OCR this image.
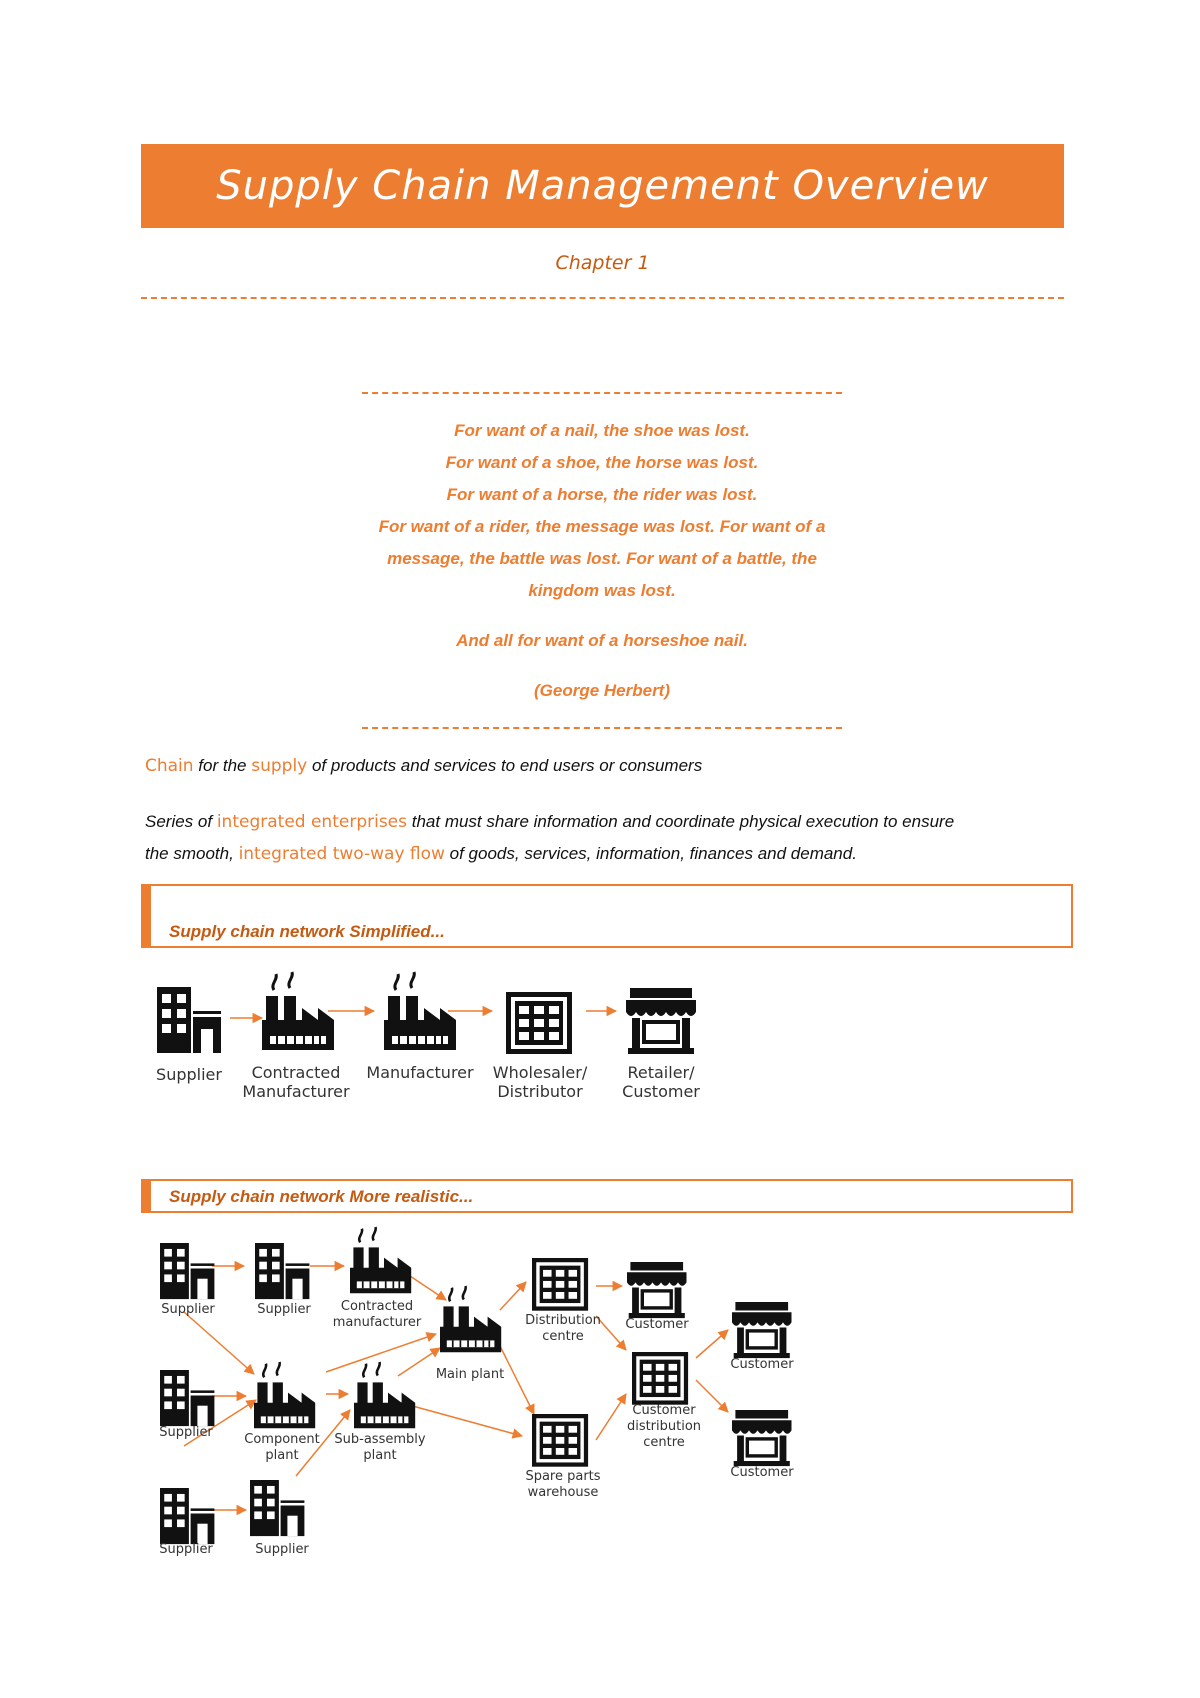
Supply Chain Management Overview
Chapter 1

For want of a nail, the shoe was lost.

For want of a shoe, the horse was lost.

For want of a horse, the rider was lost.

For want of a rider, the message was lost. For want of a

message, the battle was lost. For want of a battle, the

kingdom was lost.

And all for want of a horseshoe nail.

(George Herbert)

Chain for the supply of products and services to end users or consumers
Series of integrated enterprises that must share information and coordinate physical execution to ensure
the smooth, integrated two-way flow of goods, services, information, finances and demand.
Supply chain network Simplified...
Supply chain network More realistic...
Supplier Contracted
Manufacturer
Manufacturer Wholesaler/
Distributor
Retailer/
Customer
Supplier	Supplier Contracted
manufacturer
Supplier Component
plant
Sub-assembly
plant
Supplier	Supplier
Main plant
Distribution
centre
Spare parts
warehouse
Customer
Customer
distribution
centre
Customer
Customer
